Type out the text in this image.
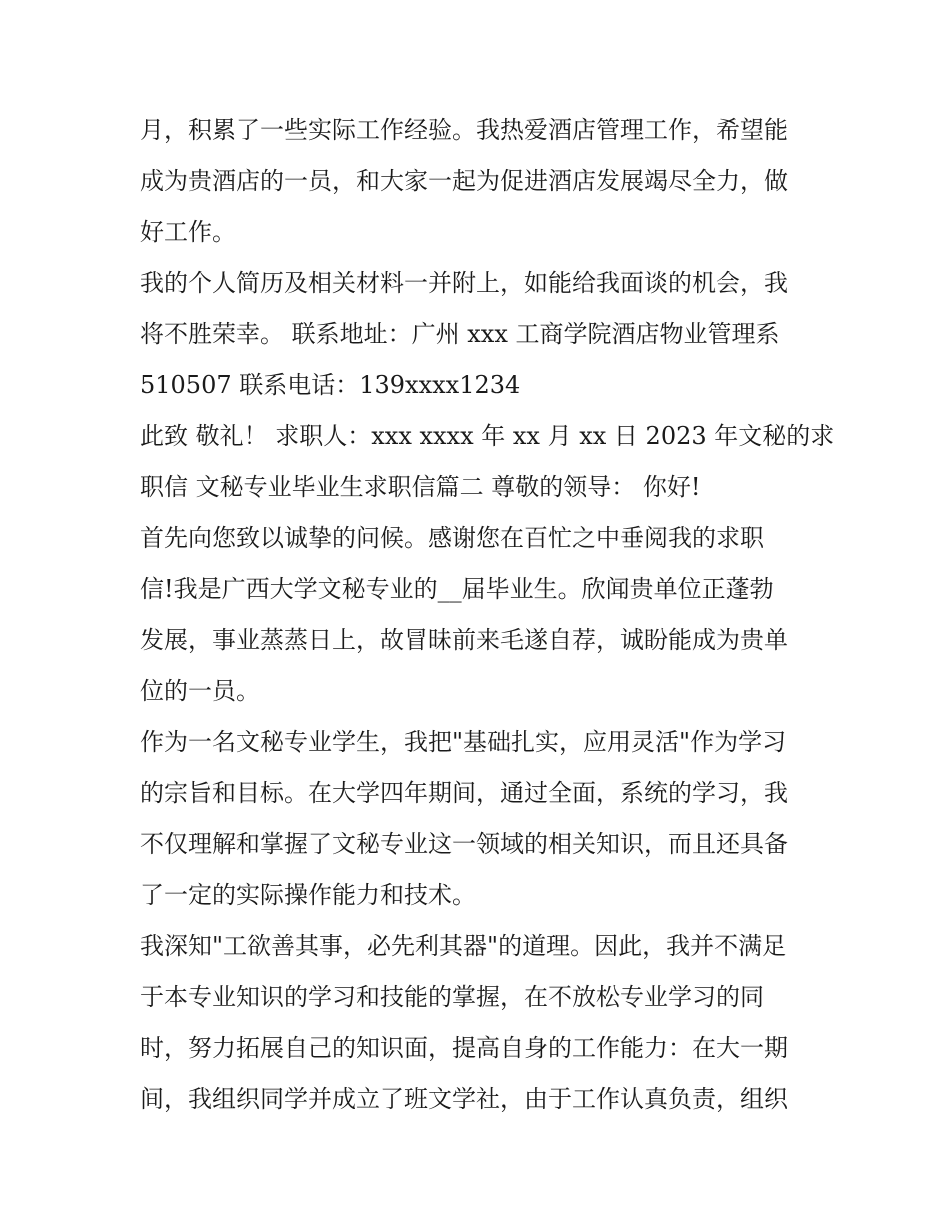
月，积累了一些实际工作经验。我热爱酒店管理工作，希望能
成为贵酒店的一员，和大家一起为促进酒店发展竭尽全力，做
好工作。
我的个人简历及相关材料一并附上，如能给我面谈的机会，我
将不胜荣幸。 联系地址：广州 xxx 工商学院酒店物业管理系
510507 联系电话：139xxxx1234
此致 敬礼！ 求职人：xxx xxxx 年 xx 月 xx 日 2023 年文秘的求
职信 文秘专业毕业生求职信篇二 尊敬的领导： 你好!
首先向您致以诚挚的问候。感谢您在百忙之中垂阅我的求职
信!我是广西大学文秘专业的__届毕业生。欣闻贵单位正蓬勃
发展，事业蒸蒸日上，故冒昧前来毛遂自荐，诚盼能成为贵单
位的一员。
作为一名文秘专业学生，我把"基础扎实，应用灵活"作为学习
的宗旨和目标。在大学四年期间，通过全面，系统的学习，我
不仅理解和掌握了文秘专业这一领域的相关知识，而且还具备
了一定的实际操作能力和技术。
我深知"工欲善其事，必先利其器"的道理。因此，我并不满足
于本专业知识的学习和技能的掌握，在不放松专业学习的同
时，努力拓展自己的知识面，提高自身的工作能力：在大一期
间，我组织同学并成立了班文学社，由于工作认真负责，组织
